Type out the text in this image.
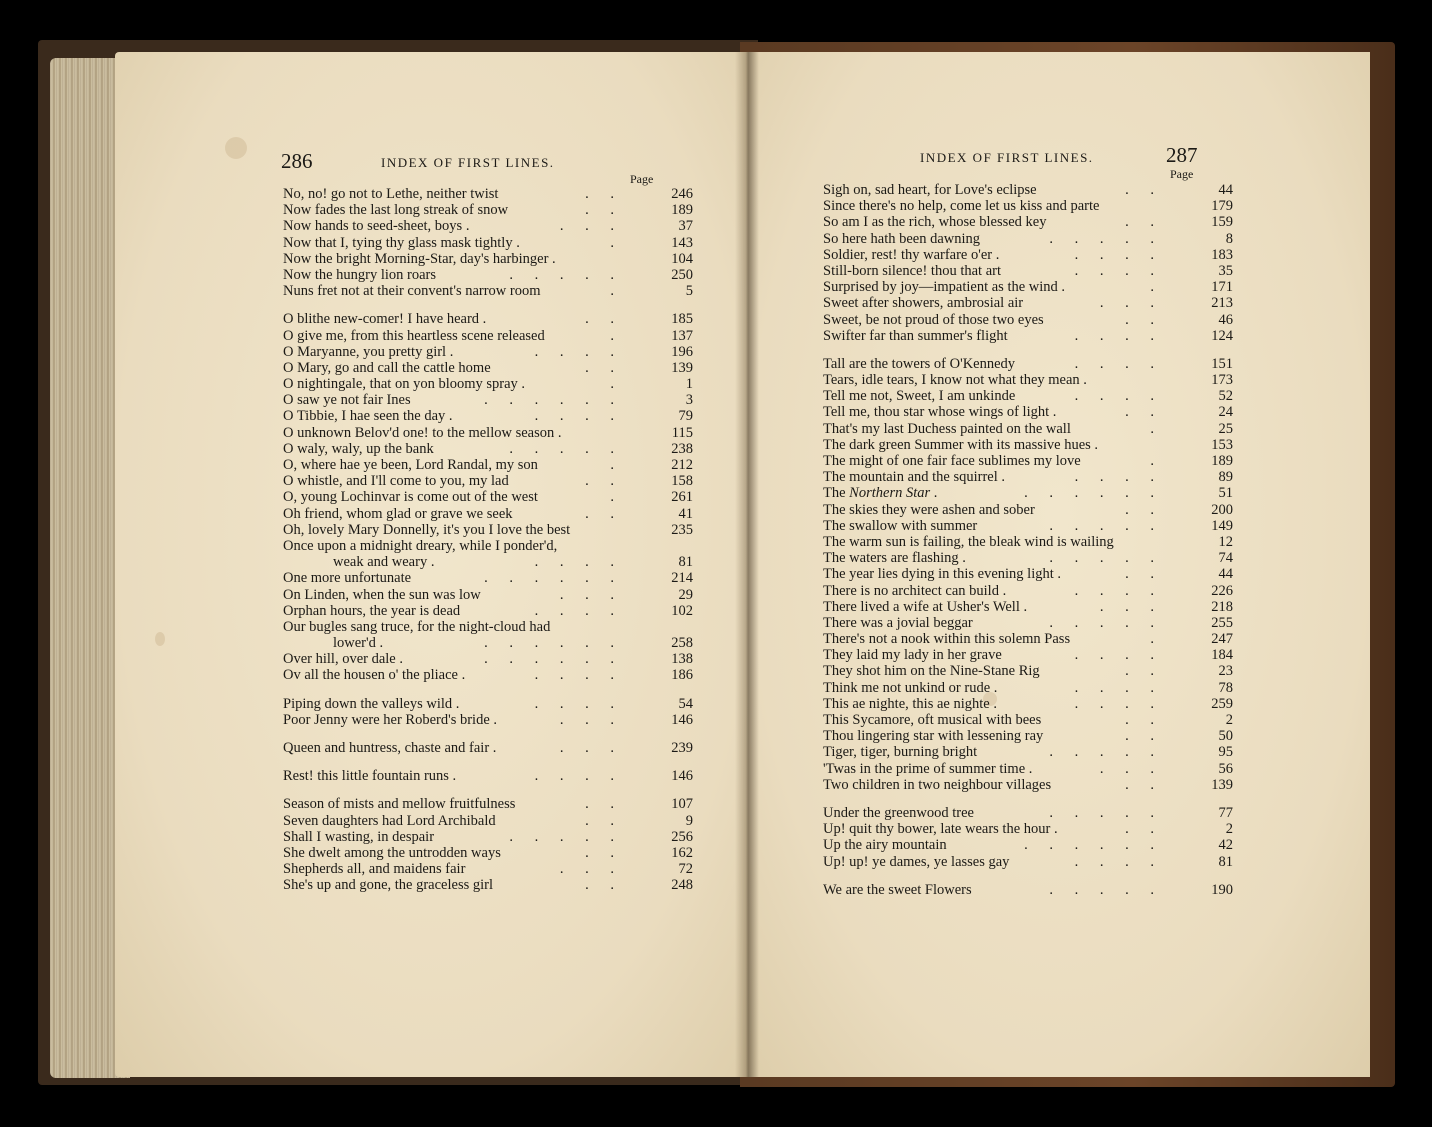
286	INDEX OF FIRST LINES.
Page
No, no! go not to Lethe, neither twist	. .	246
Now fades the last long streak of snow	. .	189
Now hands to seed-sheet, boys .	. . .	37
Now that I, tying thy glass mask tightly .	.	143
Now the bright Morning-Star, day's harbinger .	104
Now the hungry lion roars	. . . . .	250
Nuns fret not at their convent's narrow room	.	5
O blithe new-comer! I have heard .	. .	185
O give me, from this heartless scene released	.	137
O Maryanne, you pretty girl .	. . . .	196
O Mary, go and call the cattle home	. .	139
O nightingale, that on yon bloomy spray .	.	1
O saw ye not fair Ines	. . . . . .	3
O Tibbie, I hae seen the day .	. . . .	79
O unknown Belov'd one! to the mellow season .	115
O waly, waly, up the bank	. . . . .	238
O, where hae ye been, Lord Randal, my son	.	212
O whistle, and I'll come to you, my lad	. .	158
O, young Lochinvar is come out of the west	.	261
Oh friend, whom glad or grave we seek	. .	41
Oh, lovely Mary Donnelly, it's you I love the best	235
Once upon a midnight dreary, while I ponder'd,
weak and weary .	. . . .	81
One more unfortunate	. . . . . .	214
On Linden, when the sun was low	. . .	29
Orphan hours, the year is dead	. . . .	102
Our bugles sang truce, for the night-cloud had
lower'd .	. . . . . .	258
Over hill, over dale .	. . . . . .	138
Ov all the housen o' the pliace .	. . . .	186
Piping down the valleys wild .	. . . .	54
Poor Jenny were her Roberd's bride .	. . .	146
Queen and huntress, chaste and fair .	. . .	239
Rest! this little fountain runs .	. . . .	146
Season of mists and mellow fruitfulness	. .	107
Seven daughters had Lord Archibald	. .	9
Shall I wasting, in despair	. . . . .	256
She dwelt among the untrodden ways	. .	162
Shepherds all, and maidens fair	. . .	72
She's up and gone, the graceless girl	. .	248
INDEX OF FIRST LINES.	287
Page
Sigh on, sad heart, for Love's eclipse	. .	44
Since there's no help, come let us kiss and parte	179
So am I as the rich, whose blessed key	. .	159
So here hath been dawning	. . . . .	8
Soldier, rest! thy warfare o'er .	. . . .	183
Still-born silence! thou that art	. . . .	35
Surprised by joy—impatient as the wind .	.	171
Sweet after showers, ambrosial air	. . .	213
Sweet, be not proud of those two eyes	. .	46
Swifter far than summer's flight	. . . .	124
Tall are the towers of O'Kennedy	. . . .	151
Tears, idle tears, I know not what they mean .	173
Tell me not, Sweet, I am unkinde	. . . .	52
Tell me, thou star whose wings of light .	. .	24
That's my last Duchess painted on the wall	.	25
The dark green Summer with its massive hues .	153
The might of one fair face sublimes my love	.	189
The mountain and the squirrel .	. . . .	89
The Northern Star .	. . . . . .	51
The skies they were ashen and sober	. .	200
The swallow with summer	. . . . .	149
The warm sun is failing, the bleak wind is wailing	12
The waters are flashing .	. . . . .	74
The year lies dying in this evening light .	. .	44
There is no architect can build .	. . . .	226
There lived a wife at Usher's Well .	. . .	218
There was a jovial beggar	. . . . .	255
There's not a nook within this solemn Pass	.	247
They laid my lady in her grave	. . . .	184
They shot him on the Nine-Stane Rig	. .	23
Think me not unkind or rude .	. . . .	78
This ae nighte, this ae nighte .	. . . .	259
This Sycamore, oft musical with bees	. .	2
Thou lingering star with lessening ray	. .	50
Tiger, tiger, burning bright	. . . . .	95
'Twas in the prime of summer time .	. . .	56
Two children in two neighbour villages	. .	139
Under the greenwood tree	. . . . .	77
Up! quit thy bower, late wears the hour .	. .	2
Up the airy mountain	. . . . . .	42
Up! up! ye dames, ye lasses gay	. . . .	81
We are the sweet Flowers	. . . . .	190
